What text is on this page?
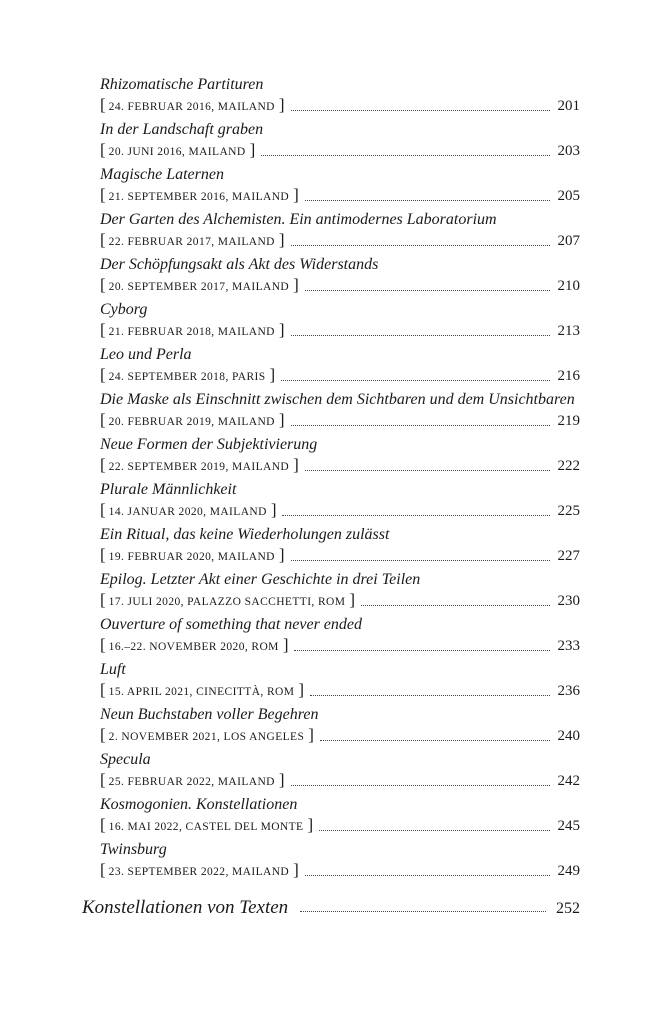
Rhizomatische Partituren
[ 24. FEBRUAR 2016, MAILAND ]	201
In der Landschaft graben
[ 20. JUNI 2016, MAILAND ]	203
Magische Laternen
[ 21. SEPTEMBER 2016, MAILAND ]	205
Der Garten des Alchemisten. Ein antimodernes Laboratorium
[ 22. FEBRUAR 2017, MAILAND ]	207
Der Schöpfungsakt als Akt des Widerstands
[ 20. SEPTEMBER 2017, MAILAND ]	210
Cyborg
[ 21. FEBRUAR 2018, MAILAND ]	213
Leo und Perla
[ 24. SEPTEMBER 2018, PARIS ]	216
Die Maske als Einschnitt zwischen dem Sichtbaren und dem Unsichtbaren
[ 20. FEBRUAR 2019, MAILAND ]	219
Neue Formen der Subjektivierung
[ 22. SEPTEMBER 2019, MAILAND ]	222
Plurale Männlichkeit
[ 14. JANUAR 2020, MAILAND ]	225
Ein Ritual, das keine Wiederholungen zulässt
[ 19. FEBRUAR 2020, MAILAND ]	227
Epilog. Letzter Akt einer Geschichte in drei Teilen
[ 17. JULI 2020, PALAZZO SACCHETTI, ROM ]	230
Ouverture of something that never ended
[ 16.–22. NOVEMBER 2020, ROM ]	233
Luft
[ 15. APRIL 2021, CINECITTÀ, ROM ]	236
Neun Buchstaben voller Begehren
[ 2. NOVEMBER 2021, LOS ANGELES ]	240
Specula
[ 25. FEBRUAR 2022, MAILAND ]	242
Kosmogonien. Konstellationen
[ 16. MAI 2022, CASTEL DEL MONTE ]	245
Twinsburg
[ 23. SEPTEMBER 2022, MAILAND ]	249
Konstellationen von Texten	252
